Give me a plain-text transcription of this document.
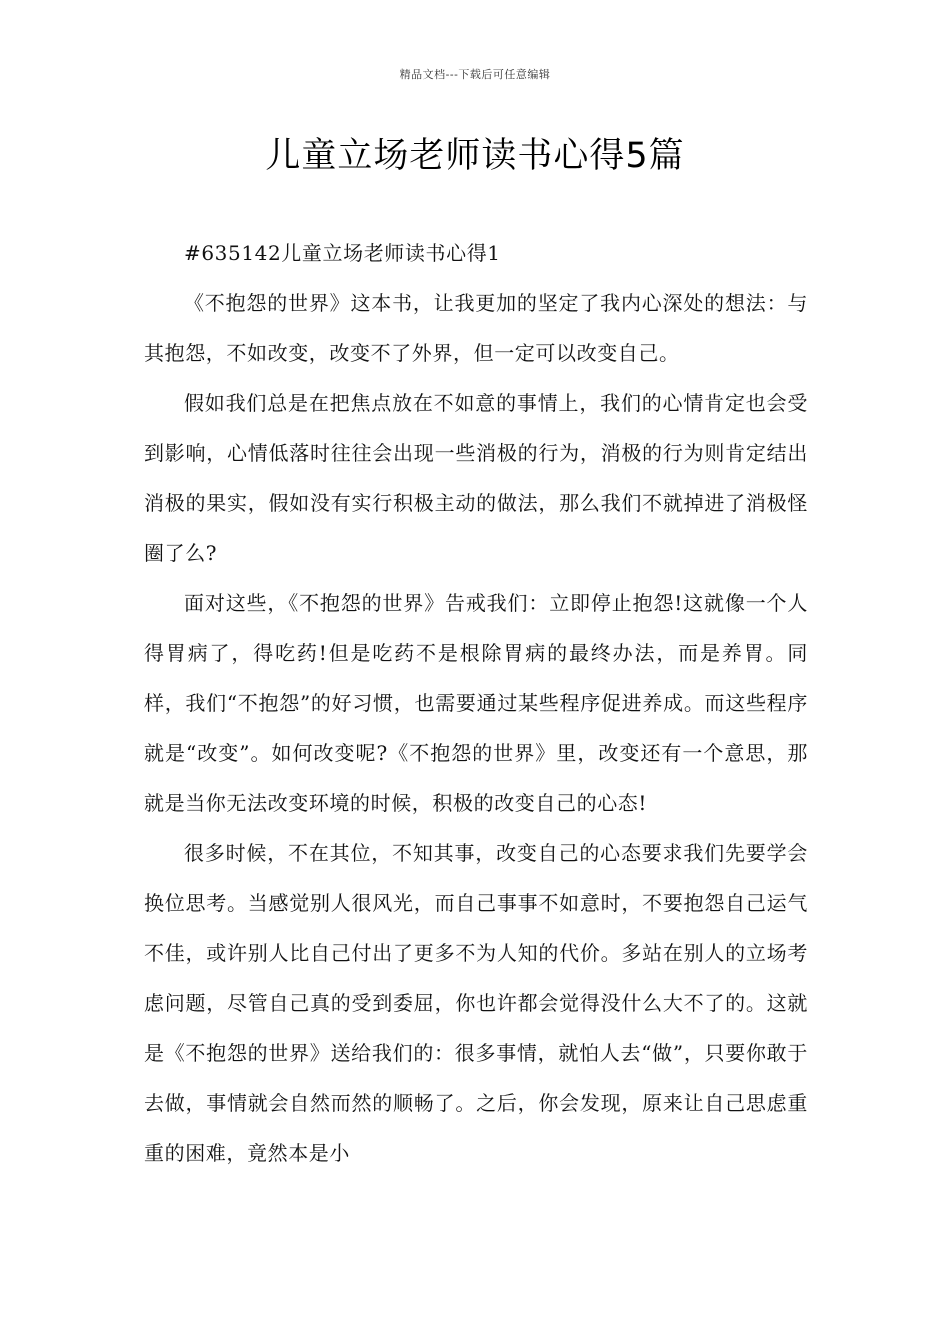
精品文档---下载后可任意编辑
儿童立场老师读书心得5篇

#635142儿童立场老师读书心得1

《不抱怨的世界》这本书，让我更加的坚定了我内心深处的想法：与其抱怨，不如改变，改变不了外界，但一定可以改变自己。

假如我们总是在把焦点放在不如意的事情上，我们的心情肯定也会受到影响，心情低落时往往会出现一些消极的行为，消极的行为则肯定结出消极的果实，假如没有实行积极主动的做法，那么我们不就掉进了消极怪圈了么?

面对这些，《不抱怨的世界》告戒我们：立即停止抱怨!这就像一个人得胃病了，得吃药!但是吃药不是根除胃病的最终办法，而是养胃。同样，我们“不抱怨”的好习惯，也需要通过某些程序促进养成。而这些程序就是“改变”。如何改变呢?《不抱怨的世界》里，改变还有一个意思，那就是当你无法改变环境的时候，积极的改变自己的心态!

很多时候，不在其位，不知其事，改变自己的心态要求我们先要学会换位思考。当感觉别人很风光，而自己事事不如意时，不要抱怨自己运气不佳，或许别人比自己付出了更多不为人知的代价。多站在别人的立场考虑问题，尽管自己真的受到委屈，你也许都会觉得没什么大不了的。这就是《不抱怨的世界》送给我们的：很多事情，就怕人去“做”，只要你敢于去做，事情就会自然而然的顺畅了。之后，你会发现，原来让自己思虑重重的困难，竟然本是小
